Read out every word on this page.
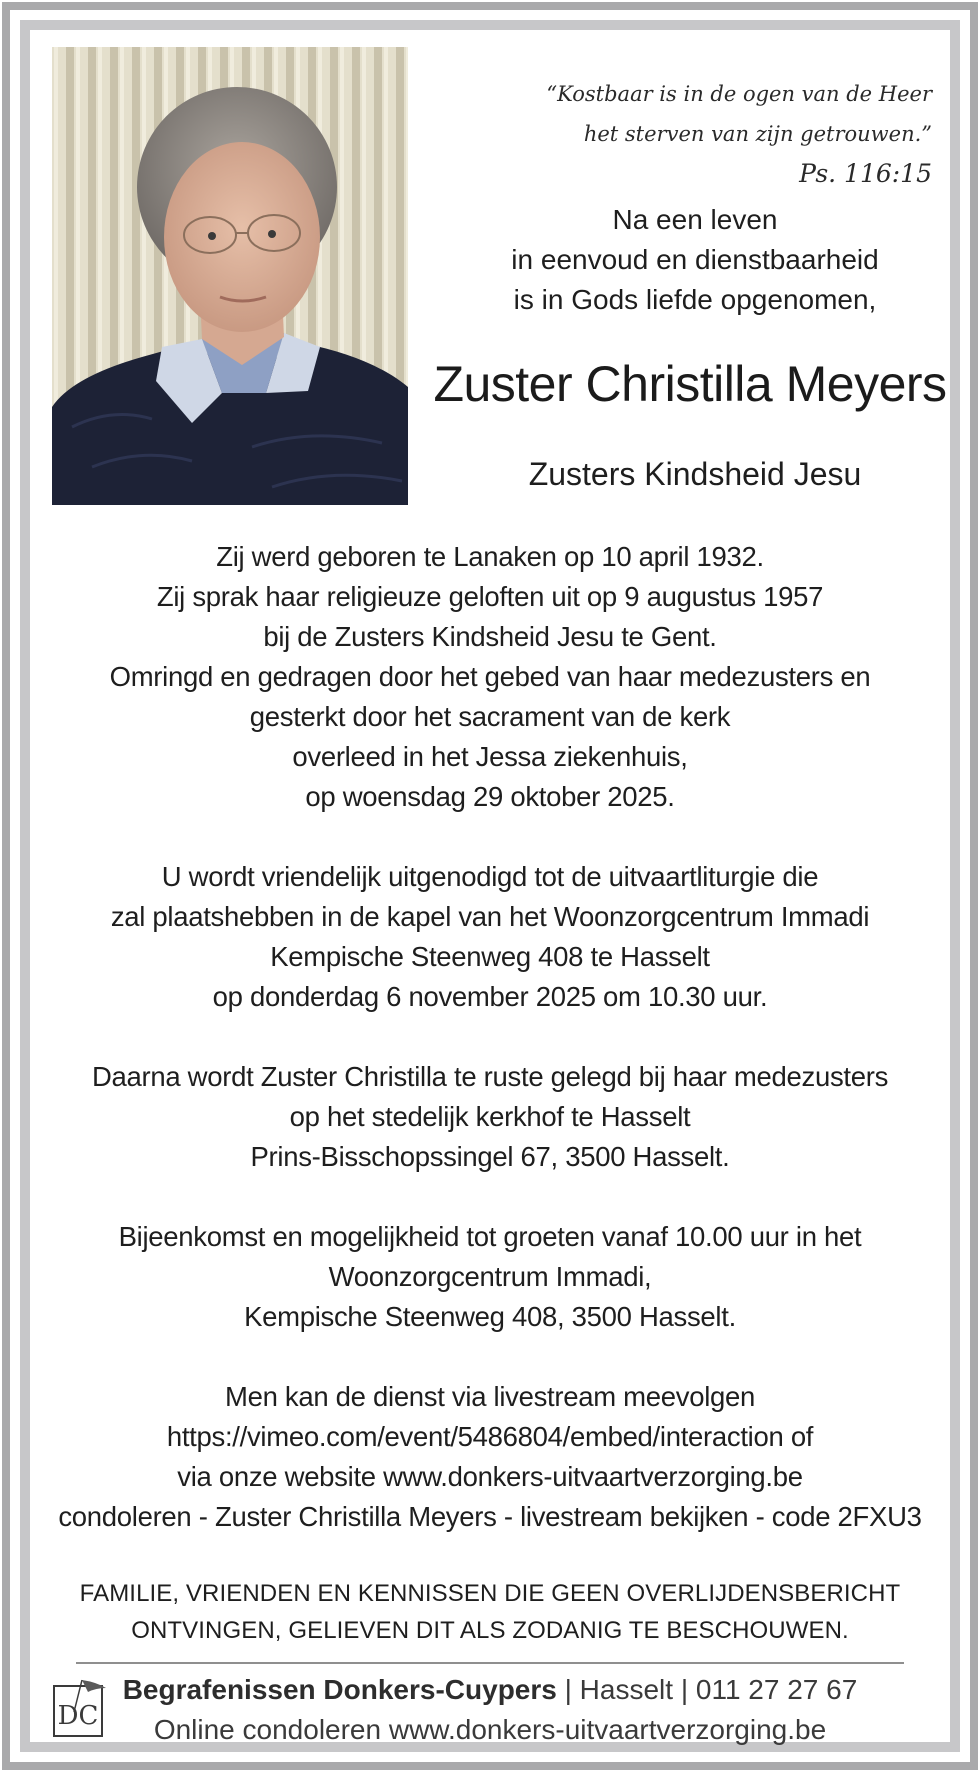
“Kostbaar is in de ogen van de Heer
het sterven van zijn getrouwen.”
Ps. 116:15
Na een leven
in eenvoud en dienstbaarheid
is in Gods liefde opgenomen,
Zuster Christilla Meyers
Zusters Kindsheid Jesu
Zij werd geboren te Lanaken op 10 april 1932.
Zij sprak haar religieuze geloften uit op 9 augustus 1957
bij de Zusters Kindsheid Jesu te Gent.
Omringd en gedragen door het gebed van haar medezusters en
gesterkt door het sacrament van de kerk
overleed in het Jessa ziekenhuis,
op woensdag 29 oktober 2025.
U wordt vriendelijk uitgenodigd tot de uitvaartliturgie die
zal plaatshebben in de kapel van het Woonzorgcentrum Immadi
Kempische Steenweg 408 te Hasselt
op donderdag 6 november 2025 om 10.30 uur.
Daarna wordt Zuster Christilla te ruste gelegd bij haar medezusters
op het stedelijk kerkhof te Hasselt
Prins-Bisschopssingel 67, 3500 Hasselt.
Bijeenkomst en mogelijkheid tot groeten vanaf 10.00 uur in het
Woonzorgcentrum Immadi,
Kempische Steenweg 408, 3500 Hasselt.
Men kan de dienst via livestream meevolgen
https://vimeo.com/event/5486804/embed/interaction of
via onze website www.donkers-uitvaartverzorging.be
condoleren - Zuster Christilla Meyers - livestream bekijken - code 2FXU3
FAMILIE, VRIENDEN EN KENNISSEN DIE GEEN OVERLIJDENSBERICHT
ONTVINGEN, GELIEVEN DIT ALS ZODANIG TE BESCHOUWEN.
DC
Begrafenissen Donkers-Cuypers | Hasselt | 011 27 27 67
Online condoleren www.donkers-uitvaartverzorging.be
